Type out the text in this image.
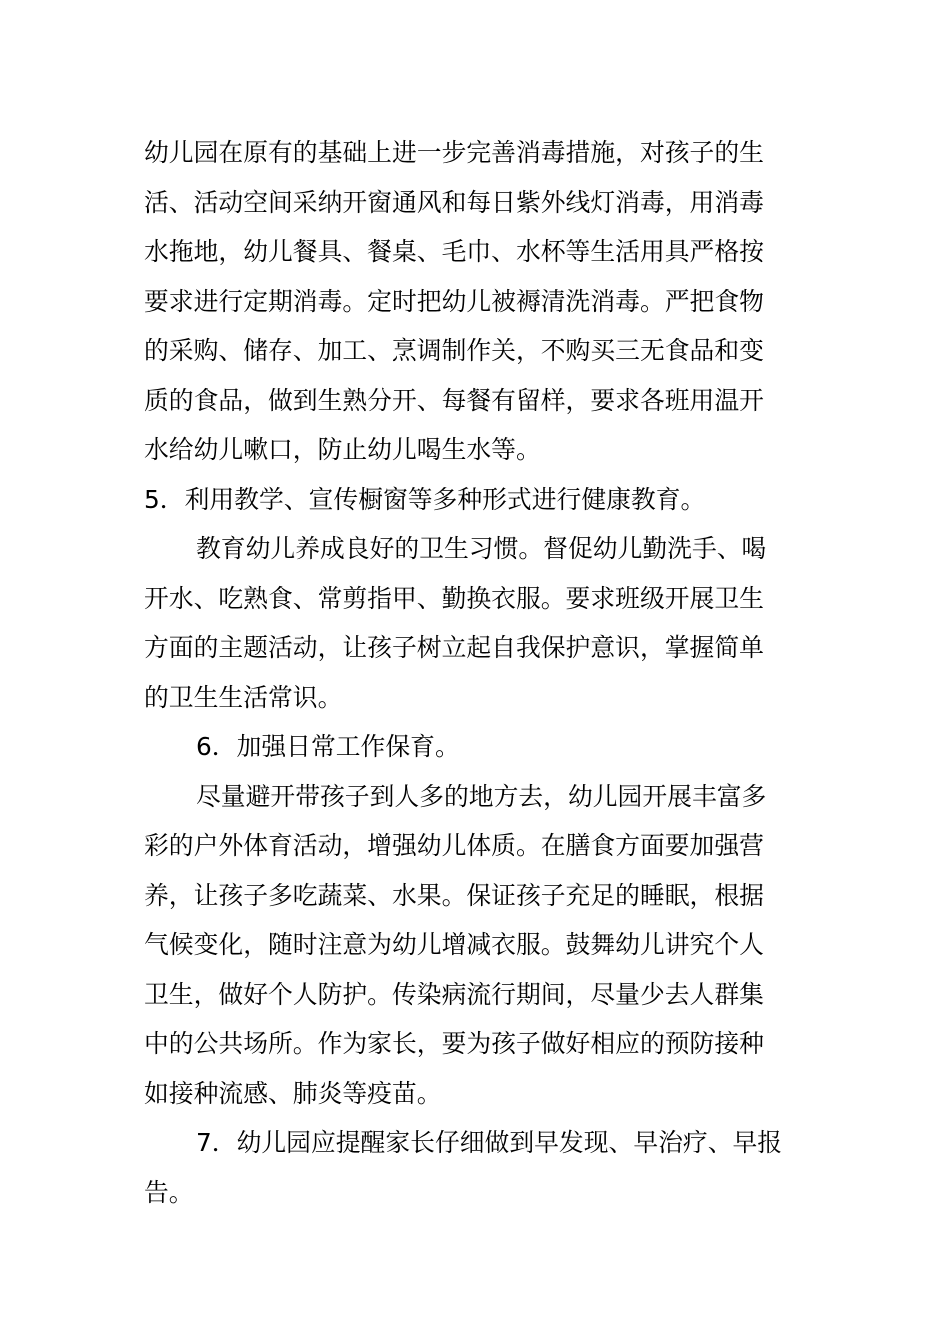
幼儿园在原有的基础上进一步完善消毒措施，对孩子的生
活、活动空间采纳开窗通风和每日紫外线灯消毒，用消毒
水拖地，幼儿餐具、餐桌、毛巾、水杯等生活用具严格按
要求进行定期消毒。定时把幼儿被褥清洗消毒。严把食物
的采购、储存、加工、烹调制作关，不购买三无食品和变
质的食品，做到生熟分开、每餐有留样，要求各班用温开
水给幼儿嗽口，防止幼儿喝生水等。
5．利用教学、宣传橱窗等多种形式进行健康教育。
教育幼儿养成良好的卫生习惯。督促幼儿勤洗手、喝
开水、吃熟食、常剪指甲、勤换衣服。要求班级开展卫生
方面的主题活动，让孩子树立起自我保护意识，掌握简单
的卫生生活常识。
6．加强日常工作保育。
尽量避开带孩子到人多的地方去，幼儿园开展丰富多
彩的户外体育活动，增强幼儿体质。在膳食方面要加强营
养，让孩子多吃蔬菜、水果。保证孩子充足的睡眠，根据
气候变化，随时注意为幼儿增减衣服。鼓舞幼儿讲究个人
卫生，做好个人防护。传染病流行期间，尽量少去人群集
中的公共场所。作为家长，要为孩子做好相应的预防接种
如接种流感、肺炎等疫苗。
7．幼儿园应提醒家长仔细做到早发现、早治疗、早报
告。
